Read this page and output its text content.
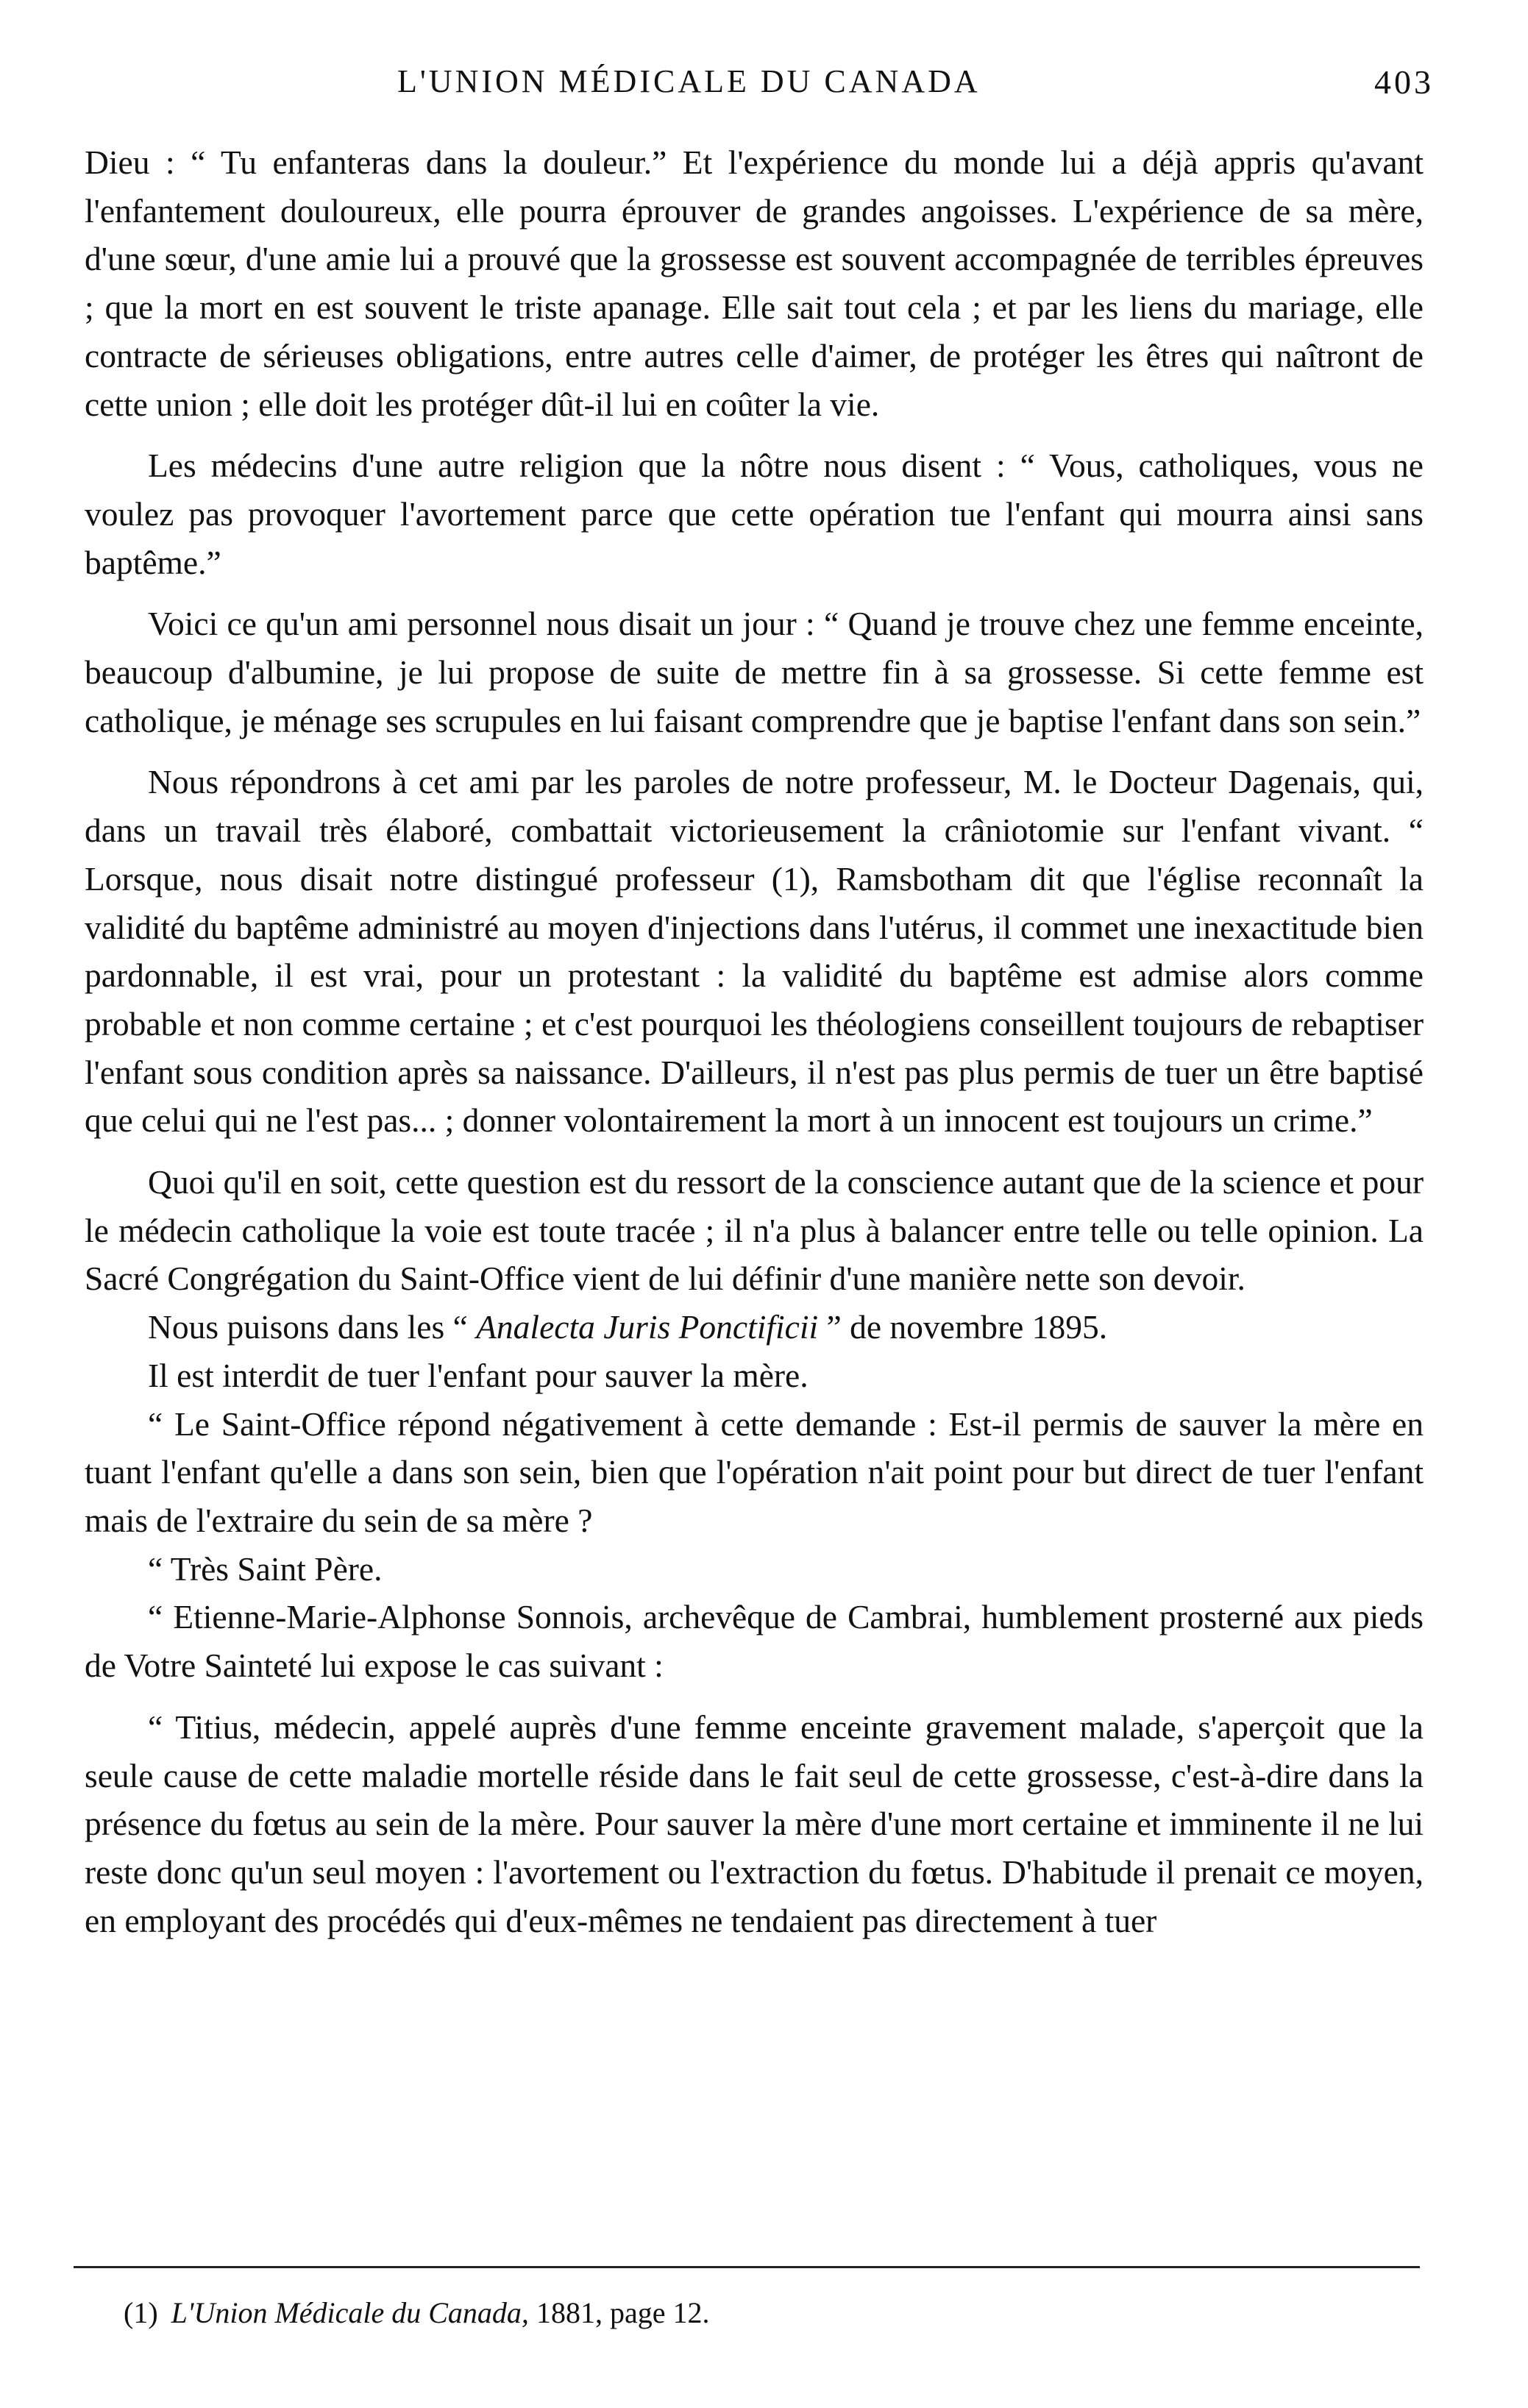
L'UNION MÉDICALE DU CANADA	403

Dieu : “ Tu enfanteras dans la douleur.” Et l'expérience du monde lui a déjà appris qu'avant l'enfantement douloureux, elle pourra éprouver de grandes angoisses. L'expérience de sa mère, d'une sœur, d'une amie lui a prouvé que la grossesse est souvent accompagnée de terribles épreuves ; que la mort en est souvent le triste apanage. Elle sait tout cela ; et par les liens du mariage, elle contracte de sérieuses obligations, entre autres celle d'aimer, de protéger les êtres qui naîtront de cette union ; elle doit les protéger dût-il lui en coûter la vie.

Les médecins d'une autre religion que la nôtre nous disent : “ Vous, catholiques, vous ne voulez pas provoquer l'avortement parce que cette opération tue l'enfant qui mourra ainsi sans baptême.”

Voici ce qu'un ami personnel nous disait un jour : “ Quand je trouve chez une femme enceinte, beaucoup d'albumine, je lui propose de suite de mettre fin à sa grossesse. Si cette femme est catholique, je ménage ses scrupules en lui faisant comprendre que je baptise l'enfant dans son sein.”

Nous répondrons à cet ami par les paroles de notre professeur, M. le Docteur Dagenais, qui, dans un travail très élaboré, combattait victorieusement la crâniotomie sur l'enfant vivant. “ Lorsque, nous disait notre distingué professeur (1), Ramsbotham dit que l'église reconnaît la validité du baptême administré au moyen d'injections dans l'utérus, il commet une inexactitude bien pardonnable, il est vrai, pour un protestant : la validité du baptême est admise alors comme probable et non comme certaine ; et c'est pourquoi les théologiens conseillent toujours de rebaptiser l'enfant sous condition après sa naissance. D'ailleurs, il n'est pas plus permis de tuer un être baptisé que celui qui ne l'est pas... ; donner volontairement la mort à un innocent est toujours un crime.”

Quoi qu'il en soit, cette question est du ressort de la conscience autant que de la science et pour le médecin catholique la voie est toute tracée ; il n'a plus à balancer entre telle ou telle opinion. La Sacré Congrégation du Saint-Office vient de lui définir d'une manière nette son devoir.

Nous puisons dans les “ Analecta Juris Ponctificii ” de novembre 1895.

Il est interdit de tuer l'enfant pour sauver la mère.

“ Le Saint-Office répond négativement à cette demande : Est-il permis de sauver la mère en tuant l'enfant qu'elle a dans son sein, bien que l'opération n'ait point pour but direct de tuer l'enfant mais de l'extraire du sein de sa mère ?

“ Très Saint Père.

“ Etienne-Marie-Alphonse Sonnois, archevêque de Cambrai, humblement prosterné aux pieds de Votre Sainteté lui expose le cas suivant :

“ Titius, médecin, appelé auprès d'une femme enceinte gravement malade, s'aperçoit que la seule cause de cette maladie mortelle réside dans le fait seul de cette grossesse, c'est-à-dire dans la présence du fœtus au sein de la mère. Pour sauver la mère d'une mort certaine et imminente il ne lui reste donc qu'un seul moyen : l'avortement ou l'extraction du fœtus. D'habitude il prenait ce moyen, en employant des procédés qui d'eux-mêmes ne tendaient pas directement à tuer

(1) L'Union Médicale du Canada, 1881, page 12.
